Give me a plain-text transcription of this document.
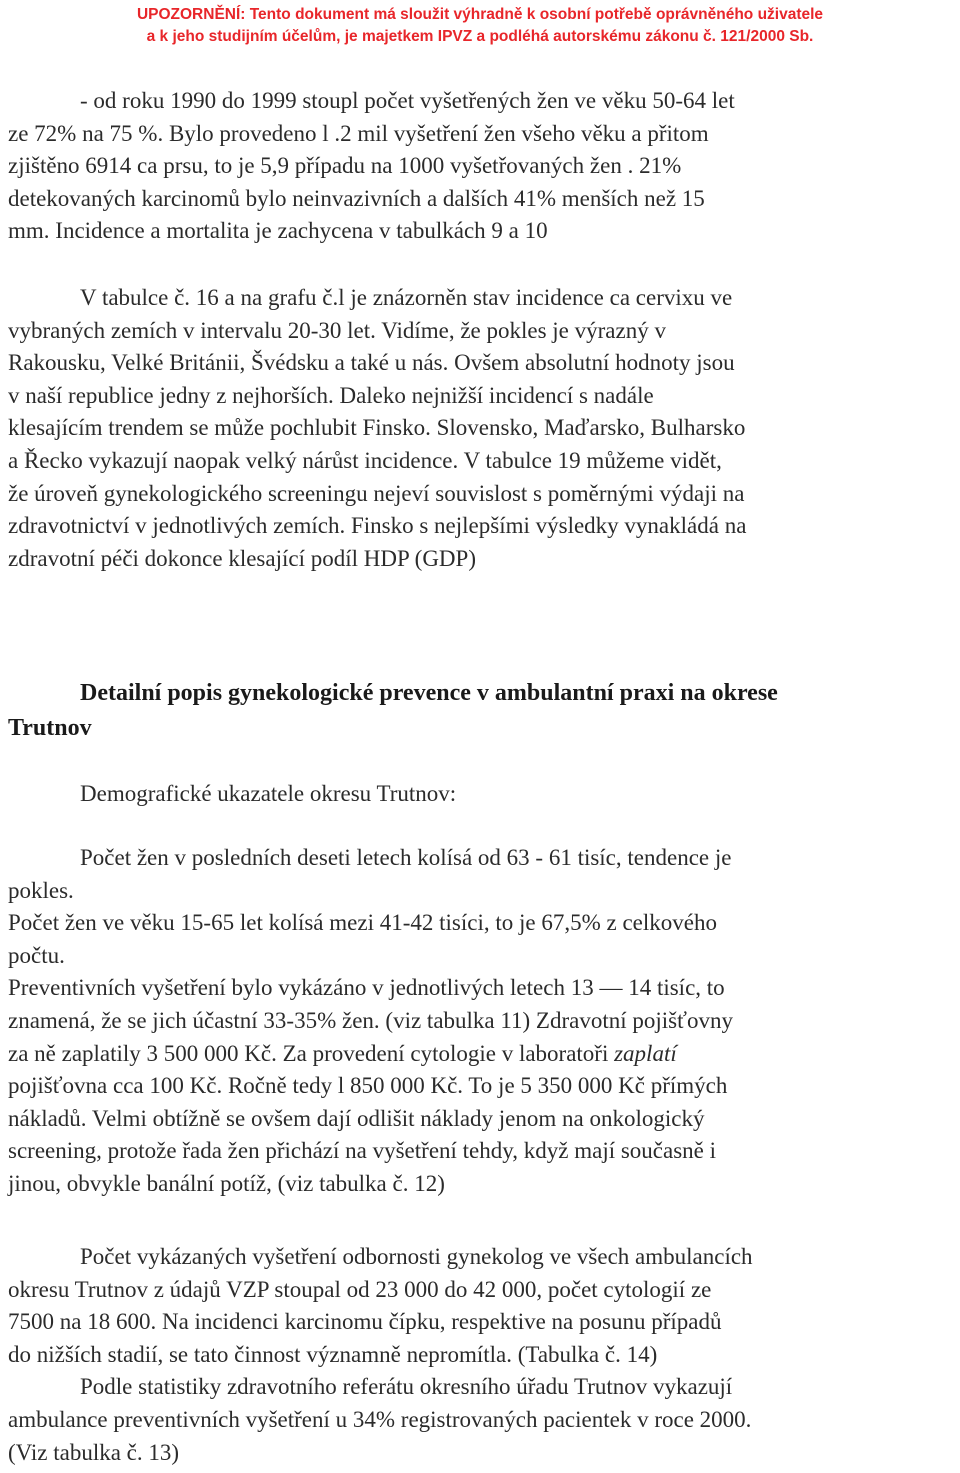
UPOZORNĚNÍ: Tento dokument má sloužit výhradně k osobní potřebě oprávněného uživatele
a k jeho studijním účelům, je majetkem IPVZ a podléhá autorskému zákonu č. 121/2000 Sb.
- od roku 1990 do 1999 stoupl počet vyšetřených žen ve věku 50-64 let
ze 72% na 75 %. Bylo provedeno l .2 mil vyšetření žen všeho věku a přitom
zjištěno 6914 ca prsu, to je 5,9 případu na 1000 vyšetřovaných žen . 21%
detekovaných karcinomů bylo neinvazivních a dalších 41% menších než 15
mm. Incidence a mortalita je zachycena v tabulkách 9 a 10
V tabulce č. 16 a na grafu č.l je znázorněn stav incidence ca cervixu ve
vybraných zemích v intervalu 20-30 let. Vidíme, že pokles je výrazný v
Rakousku, Velké Británii, Švédsku a také u nás. Ovšem absolutní hodnoty jsou
v naší republice jedny z nejhorších. Daleko nejnižší incidencí s nadále
klesajícím trendem se může pochlubit Finsko. Slovensko, Maďarsko, Bulharsko
a Řecko vykazují naopak velký nárůst incidence. V tabulce 19 můžeme vidět,
že úroveň gynekologického screeningu nejeví souvislost s poměrnými výdaji na
zdravotnictví v jednotlivých zemích. Finsko s nejlepšími výsledky vynakládá na
zdravotní péči dokonce klesající podíl HDP (GDP)
Detailní popis gynekologické prevence v ambulantní praxi na okrese
Trutnov
Demografické ukazatele okresu Trutnov:
Počet žen v posledních deseti letech kolísá od 63 - 61 tisíc, tendence je
pokles.
Počet žen ve věku 15-65 let kolísá mezi 41-42 tisíci, to je 67,5% z celkového
počtu.
Preventivních vyšetření bylo vykázáno v jednotlivých letech 13 — 14 tisíc, to
znamená, že se jich účastní 33-35% žen. (viz tabulka 11) Zdravotní pojišťovny
za ně zaplatily 3 500 000 Kč. Za provedení cytologie v laboratoři zaplatí
pojišťovna cca 100 Kč. Ročně tedy l 850 000 Kč. To je 5 350 000 Kč přímých
nákladů. Velmi obtížně se ovšem dají odlišit náklady jenom na onkologický
screening, protože řada žen přichází na vyšetření tehdy, když mají současně i
jinou, obvykle banální potíž, (viz tabulka č. 12)
Počet vykázaných vyšetření odbornosti gynekolog ve všech ambulancích
okresu Trutnov z údajů VZP stoupal od 23 000 do 42 000, počet cytologií ze
7500 na 18 600. Na incidenci karcinomu čípku, respektive na posunu případů
do nižších stadií, se tato činnost významně nepromítla. (Tabulka č. 14)
Podle statistiky zdravotního referátu okresního úřadu Trutnov vykazují
ambulance preventivních vyšetření u 34% registrovaných pacientek v roce 2000.
(Viz tabulka č. 13)
